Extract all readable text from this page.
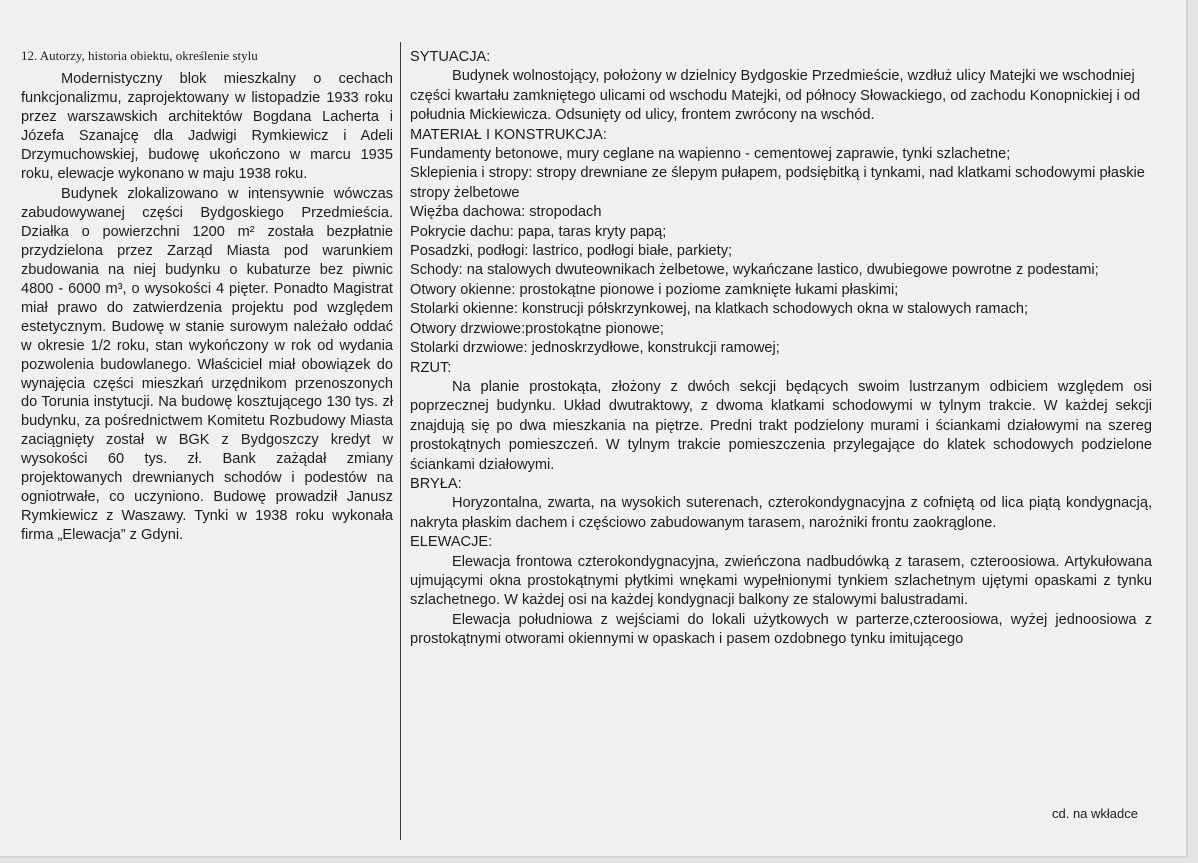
12. Autorzy, historia obiektu, określenie stylu

Modernistyczny blok mieszkalny o cechach funkcjonalizmu, zaprojektowany w listopadzie 1933 roku przez warszawskich architektów Bogdana Lacherta i Józefa Szanajcę dla Jadwigi Rymkiewicz i Adeli Drzymuchowskiej, budowę ukończono w marcu 1935 roku, elewacje wykonano w maju 1938 roku.

Budynek zlokalizowano w intensywnie wówczas zabudowywanej części Bydgoskiego Przedmieścia. Działka o powierzchni 1200 m² została bezpłatnie przydzielona przez Zarząd Miasta pod warunkiem zbudowania na niej budynku o kubaturze bez piwnic 4800 - 6000 m³, o wysokości 4 pięter. Ponadto Magistrat miał prawo do zatwierdzenia projektu pod względem estetycznym. Budowę w stanie surowym należało oddać w okresie 1/2 roku, stan wykończony w rok od wydania pozwolenia budowlanego. Właściciel miał obowiązek do wynajęcia części mieszkań urzędnikom przenoszonych do Torunia instytucji. Na budowę kosztującego 130 tys. zł budynku, za pośrednictwem Komitetu Rozbudowy Miasta zaciągnięty został w BGK z Bydgoszczy kredyt w wysokości 60 tys. zł. Bank zażądał zmiany projektowanych drewnianych schodów i podestów na ogniotrwałe, co uczyniono. Budowę prowadził Janusz Rymkiewicz z Waszawy. Tynki w 1938 roku wykonała firma „Elewacja” z Gdyni.

SYTUACJA:

Budynek wolnostojący, położony w dzielnicy Bydgoskie Przedmieście, wzdłuż ulicy Matejki we wschodniej części kwartału zamkniętego ulicami od wschodu Matejki, od północy Słowackiego, od zachodu Konopnickiej i od południa Mickiewicza. Odsunięty od ulicy, frontem zwrócony na wschód.

MATERIAŁ I KONSTRUKCJA:

Fundamenty betonowe, mury ceglane na wapienno - cementowej zaprawie, tynki szlachetne;

Sklepienia i stropy: stropy drewniane ze ślepym pułapem, podsiębitką i tynkami, nad klatkami schodowymi płaskie stropy żelbetowe

Więźba dachowa: stropodach

Pokrycie dachu: papa, taras kryty papą;

Posadzki, podłogi: lastrico, podłogi białe, parkiety;

Schody: na stalowych dwuteownikach żelbetowe, wykańczane lastico, dwubiegowe powrotne z podestami;

Otwory okienne: prostokątne pionowe i poziome zamknięte łukami płaskimi;

Stolarki okienne: konstrucji półskrzynkowej, na klatkach schodowych okna w stalowych ramach;

Otwory drzwiowe:prostokątne pionowe;

Stolarki drzwiowe: jednoskrzydłowe, konstrukcji ramowej;

RZUT:

Na planie prostokąta, złożony z dwóch sekcji będących swoim lustrzanym odbiciem względem osi poprzecznej budynku. Układ dwutraktowy, z dwoma klatkami schodowymi w tylnym trakcie. W każdej sekcji znajdują się po dwa mieszkania na piętrze. Predni trakt podzielony murami i ściankami działowymi na szereg prostokątnych pomieszczeń. W tylnym trakcie pomieszczenia przylegające do klatek schodowych podzielone ściankami działowymi.

BRYŁA:

Horyzontalna, zwarta, na wysokich suterenach, czterokondygnacyjna z cofniętą od lica piątą kondygnacją, nakryta płaskim dachem i częściowo zabudowanym tarasem, narożniki frontu zaokrąglone.

ELEWACJE:

Elewacja frontowa czterokondygnacyjna, zwieńczona nadbudówką z tarasem, czteroosiowa. Artykułowana ujmującymi okna prostokątnymi płytkimi wnękami wypełnionymi tynkiem szlachetnym ujętymi opaskami z tynku szlachetnego. W każdej osi na każdej kondygnacji balkony ze stalowymi balustradami.

Elewacja południowa z wejściami do lokali użytkowych w parterze,czteroosiowa, wyżej jednoosiowa z prostokątnymi otworami okiennymi w opaskach i pasem ozdobnego tynku imitującego

cd. na wkładce
